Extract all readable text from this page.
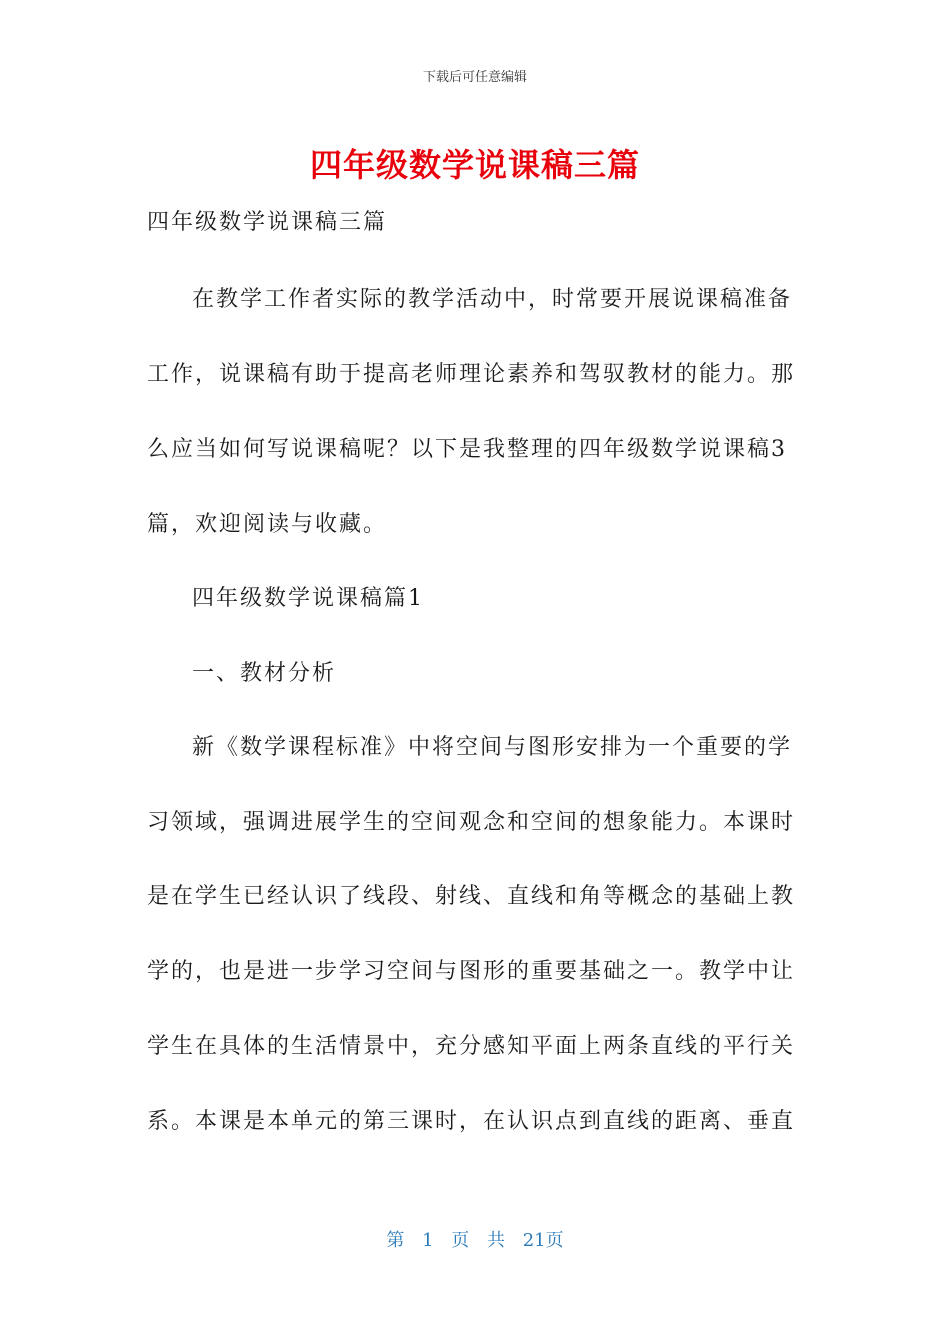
下载后可任意编辑
四年级数学说课稿三篇
四年级数学说课稿三篇
在教学工作者实际的教学活动中，时常要开展说课稿准备
工作，说课稿有助于提高老师理论素养和驾驭教材的能力。那
么应当如何写说课稿呢？以下是我整理的四年级数学说课稿3
篇，欢迎阅读与收藏。
四年级数学说课稿篇1
一、教材分析
新《数学课程标准》中将空间与图形安排为一个重要的学
习领域，强调进展学生的空间观念和空间的想象能力。本课时
是在学生已经认识了线段、射线、直线和角等概念的基础上教
学的，也是进一步学习空间与图形的重要基础之一。教学中让
学生在具体的生活情景中，充分感知平面上两条直线的平行关
系。本课是本单元的第三课时，在认识点到直线的距离、垂直
第 1 页 共 21页
